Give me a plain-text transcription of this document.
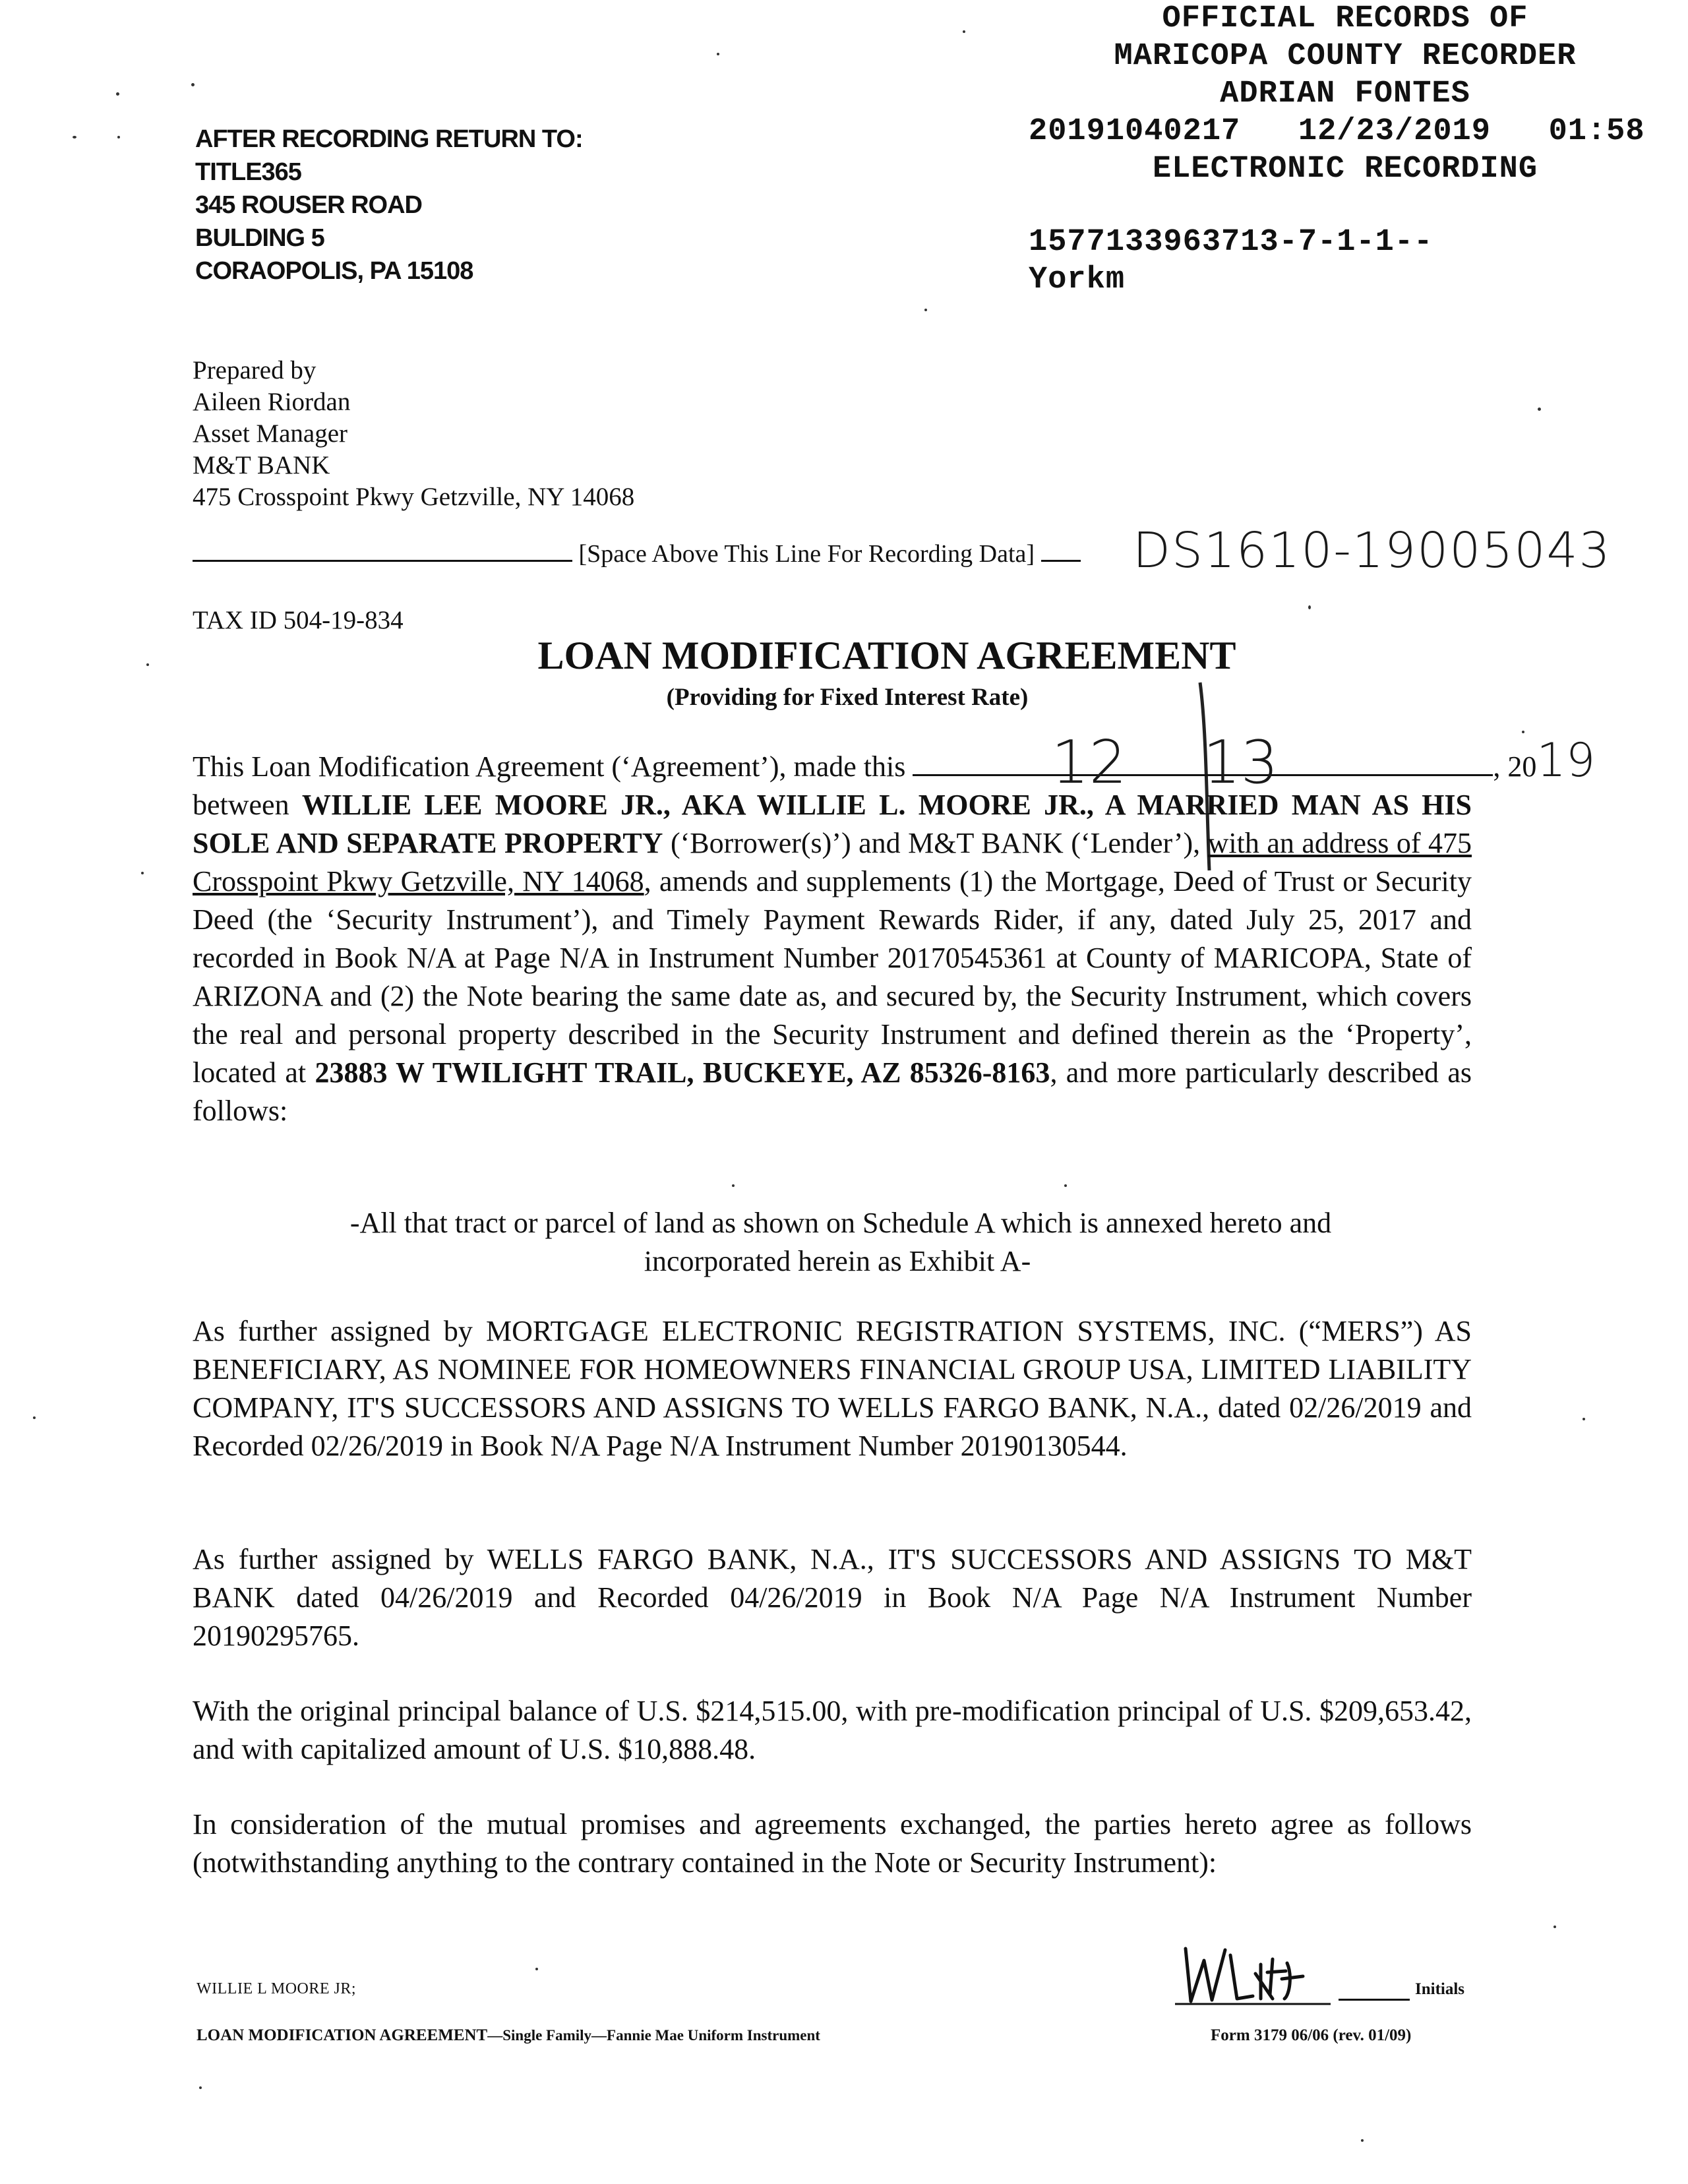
OFFICIAL RECORDS OF
MARICOPA COUNTY RECORDER
ADRIAN FONTES
20191040217 12/23/2019 01:58
ELECTRONIC RECORDING
1577133963713-7-1-1--
Yorkm
AFTER RECORDING RETURN TO:
TITLE365
345 ROUSER ROAD
BULDING 5
CORAOPOLIS, PA 15108
Prepared by
Aileen Riordan
Asset Manager
M&T BANK
475 Crosspoint Pkwy Getzville, NY 14068
[Space Above This Line For Recording Data]	DS1610-19005043
TAX ID 504-19-834
LOAN MODIFICATION AGREEMENT
(Providing for Fixed Interest Rate)

This Loan Modification Agreement (‘Agreement’), made this 12 13	, 2019

between WILLIE LEE MOORE JR., AKA WILLIE L. MOORE JR., A MARRIED MAN AS HIS SOLE AND SEPARATE PROPERTY (‘Borrower(s)’) and M&T BANK (‘Lender’), with an address of 475 Crosspoint Pkwy Getzville, NY 14068, amends and supplements (1) the Mortgage, Deed of Trust or Security Deed (the ‘Security Instrument’), and Timely Payment Rewards Rider, if any, dated July 25, 2017 and recorded in Book N/A at Page N/A in Instrument Number 20170545361 at County of MARICOPA, State of ARIZONA and (2) the Note bearing the same date as, and secured by, the Security Instrument, which covers the real and personal property described in the Security Instrument and defined therein as the ‘Property’, located at 23883 W TWILIGHT TRAIL, BUCKEYE, AZ 85326-8163, and more particularly described as follows:

-All that tract or parcel of land as shown on Schedule A which is annexed hereto and
incorporated herein as Exhibit A-

As further assigned by MORTGAGE ELECTRONIC REGISTRATION SYSTEMS, INC. (“MERS”) AS BENEFICIARY, AS NOMINEE FOR HOMEOWNERS FINANCIAL GROUP USA, LIMITED LIABILITY COMPANY, IT'S SUCCESSORS AND ASSIGNS TO WELLS FARGO BANK, N.A., dated 02/26/2019 and Recorded 02/26/2019 in Book N/A Page N/A Instrument Number 20190130544.

As further assigned by WELLS FARGO BANK, N.A., IT'S SUCCESSORS AND ASSIGNS TO M&T BANK dated 04/26/2019 and Recorded 04/26/2019 in Book N/A Page N/A Instrument Number 20190295765.

With the original principal balance of U.S. $214,515.00, with pre-modification principal of U.S. $209,653.42, and with capitalized amount of U.S. $10,888.48.

In consideration of the mutual promises and agreements exchanged, the parties hereto agree as follows (notwithstanding anything to the contrary contained in the Note or Security Instrument):

WILLIE L MOORE JR;	Initials
LOAN MODIFICATION AGREEMENT—Single Family—Fannie Mae Uniform Instrument	Form 3179 06/06 (rev. 01/09)
